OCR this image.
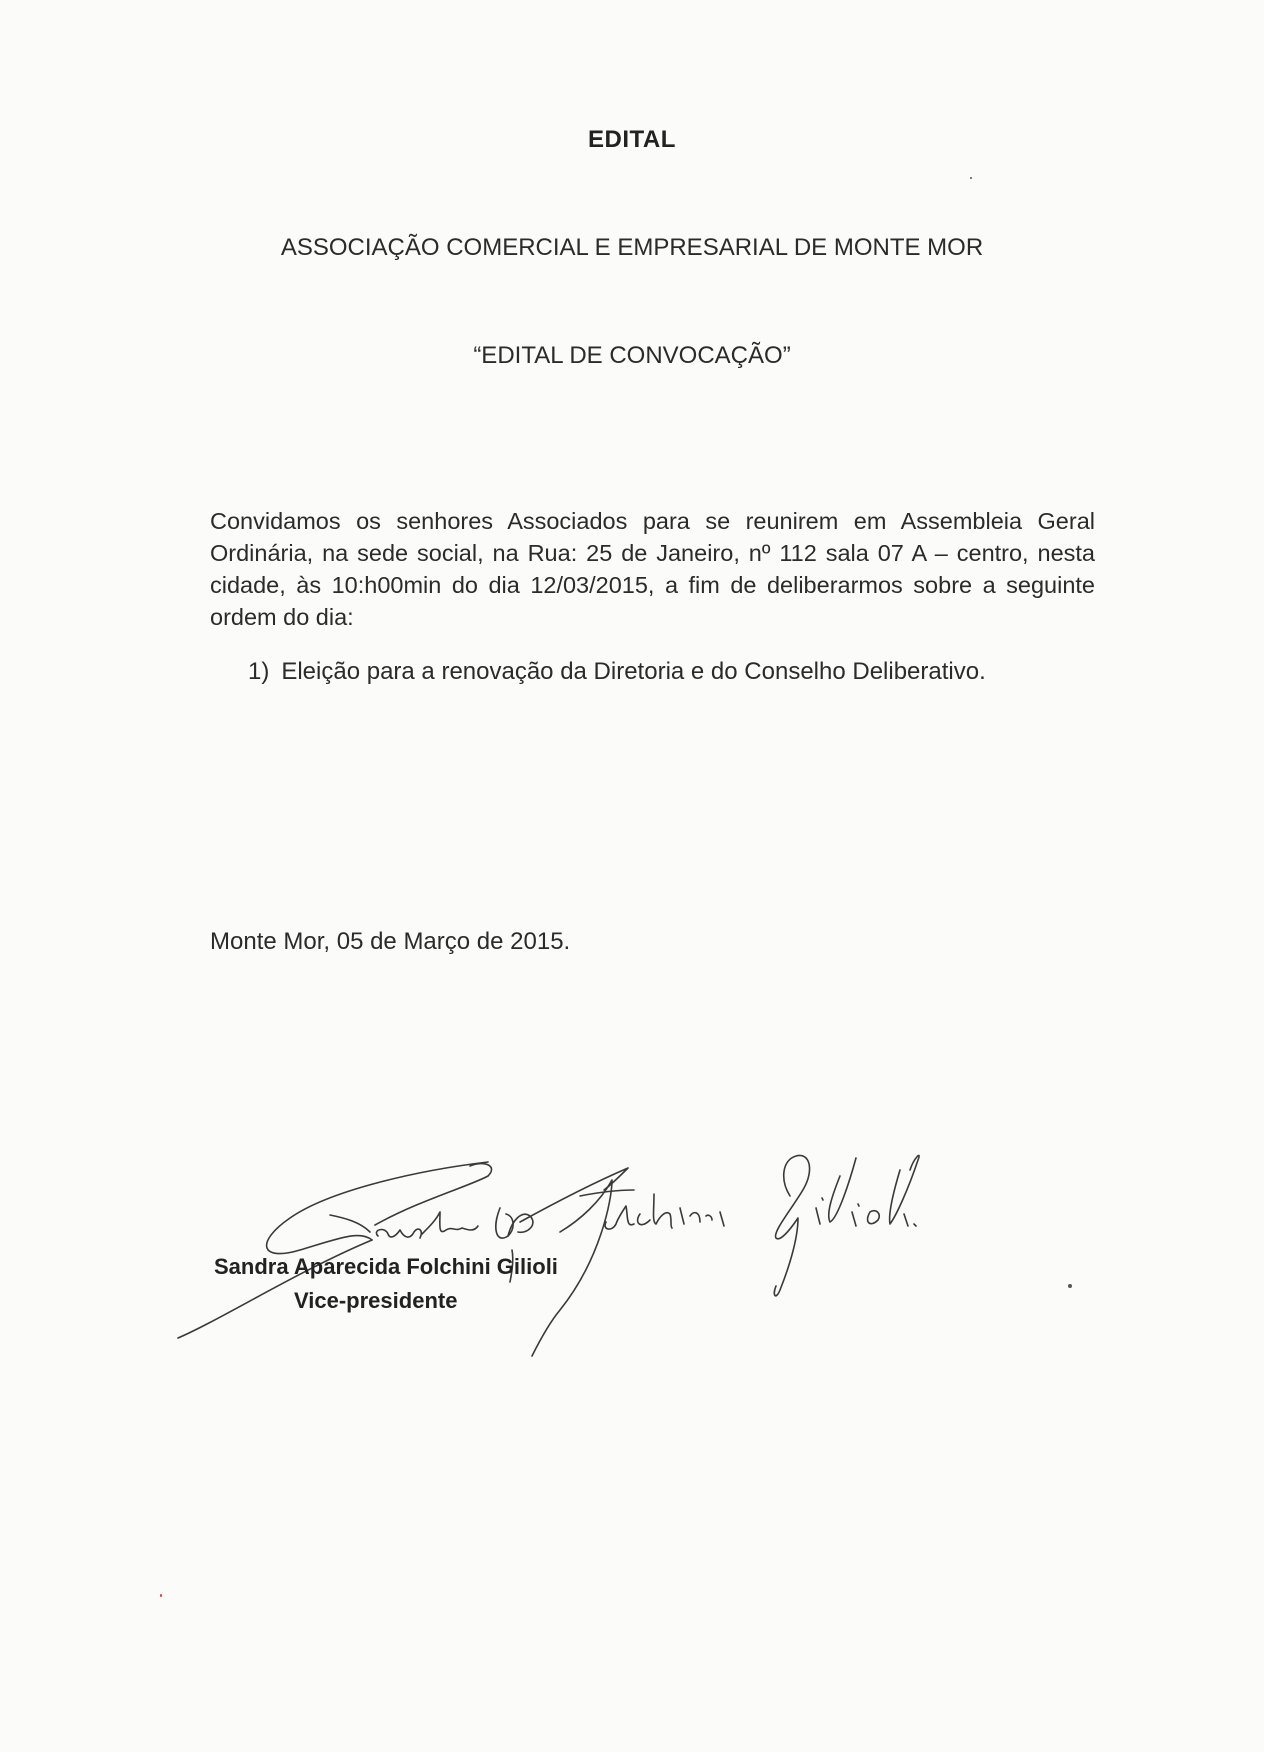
EDITAL
ASSOCIAÇÃO COMERCIAL E EMPRESARIAL DE MONTE MOR
“EDITAL DE CONVOCAÇÃO”
Convidamos os senhores Associados para se reunirem em Assembleia Geral Ordinária, na sede social, na Rua: 25 de Janeiro, nº 112 sala 07 A – centro, nesta cidade, às 10:h00min do dia 12/03/2015, a fim de deliberarmos sobre a seguinte ordem do dia:
1) Eleição para a renovação da Diretoria e do Conselho Deliberativo.
Monte Mor, 05 de Março de 2015.
Sandra Aparecida Folchini Gilioli
Vice-presidente
